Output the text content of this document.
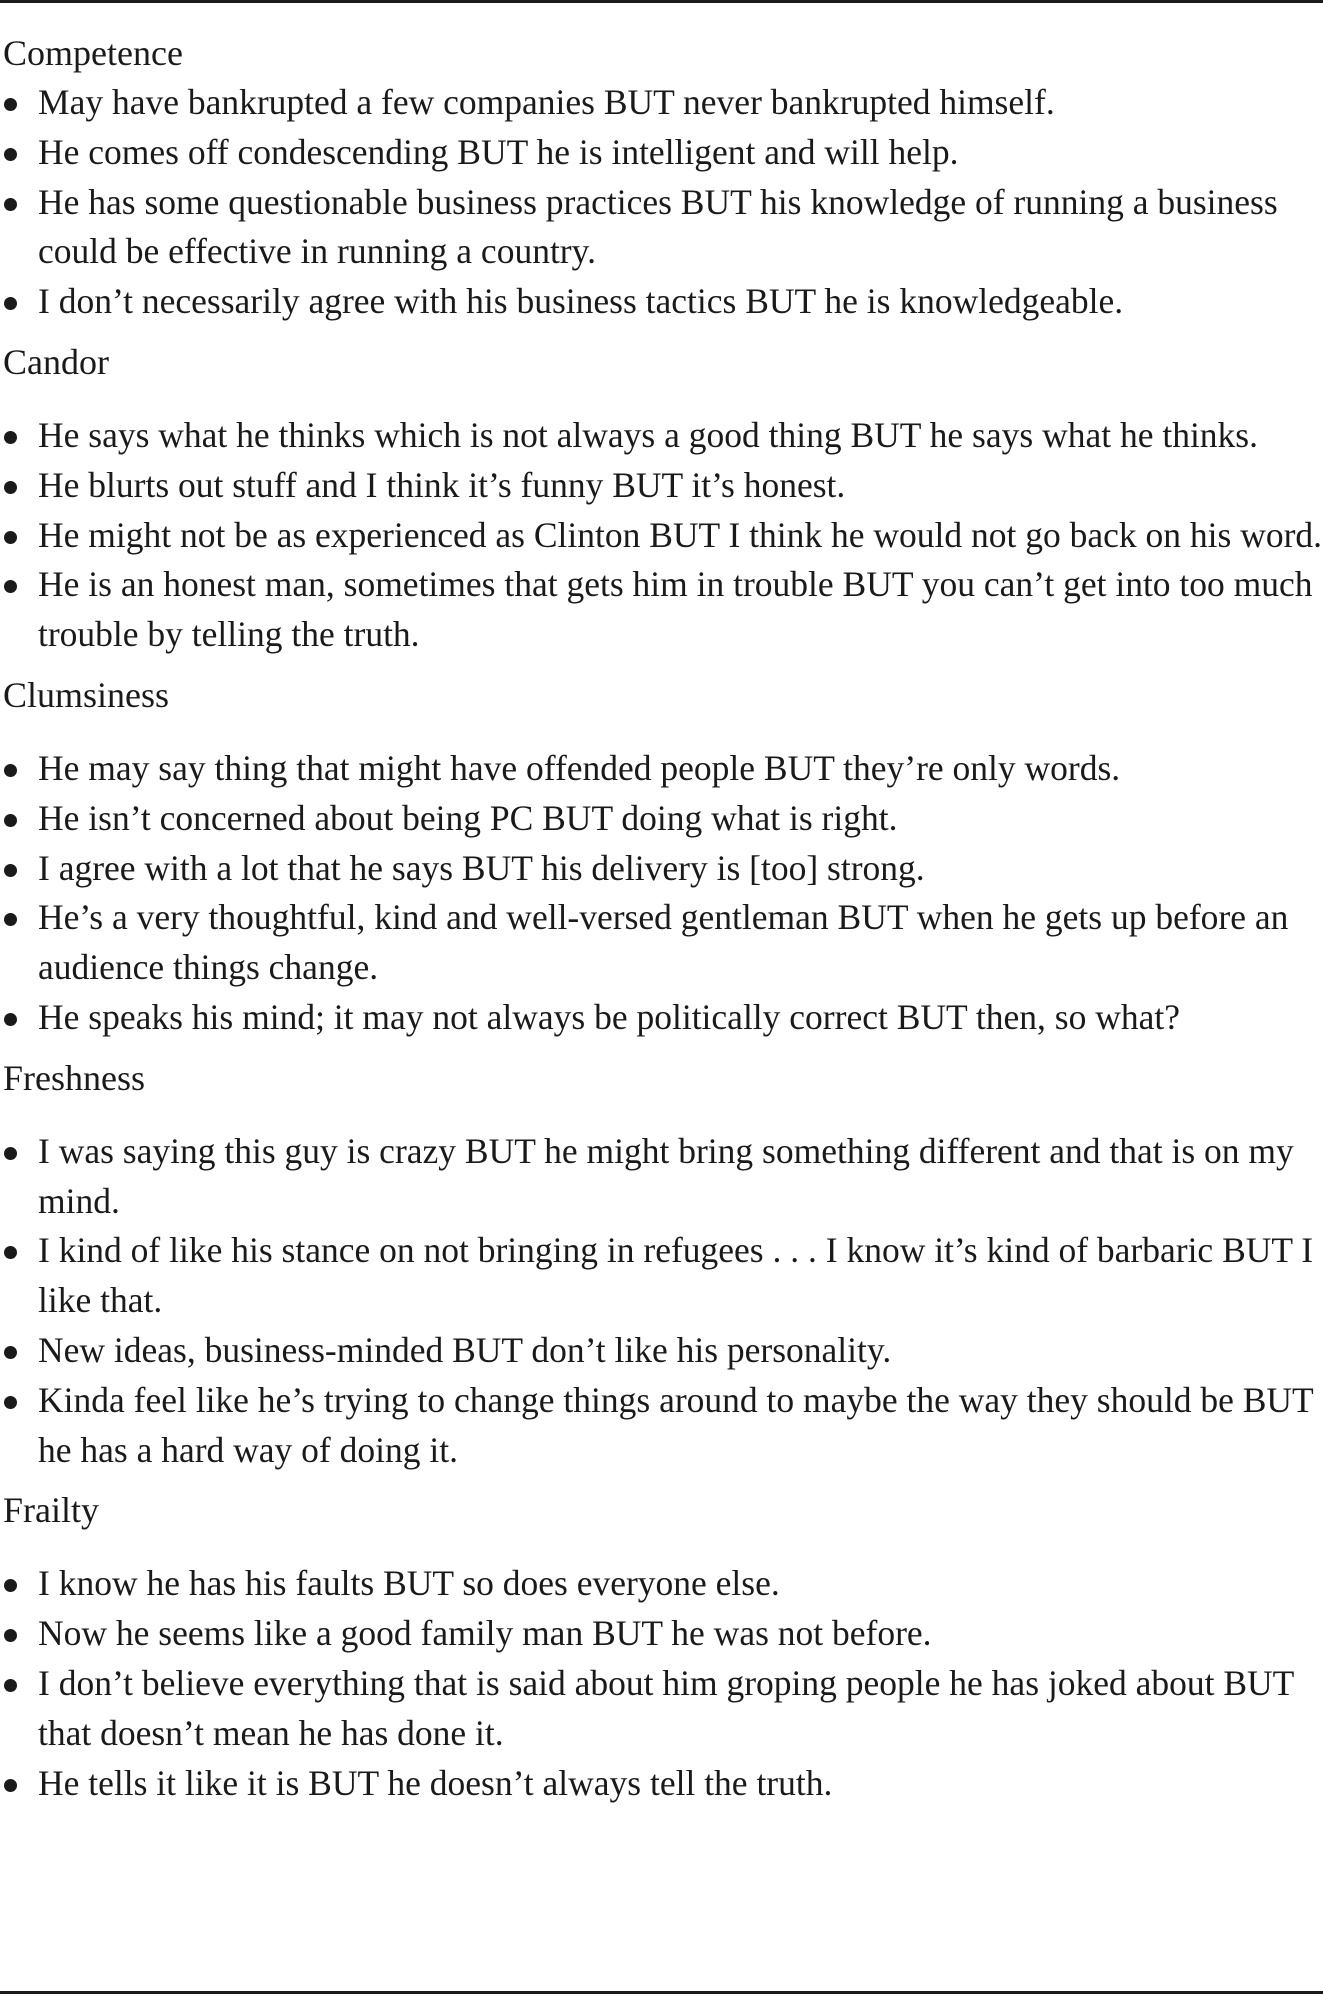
Competence
May have bankrupted a few companies BUT never bankrupted himself.
He comes off condescending BUT he is intelligent and will help.
He has some questionable business practices BUT his knowledge of running a business could be effective in running a country.
I don’t necessarily agree with his business tactics BUT he is knowledgeable.
Candor
He says what he thinks which is not always a good thing BUT he says what he thinks.
He blurts out stuff and I think it’s funny BUT it’s honest.
He might not be as experienced as Clinton BUT I think he would not go back on his word.
He is an honest man, sometimes that gets him in trouble BUT you can’t get into too much trouble by telling the truth.
Clumsiness
He may say thing that might have offended people BUT they’re only words.
He isn’t concerned about being PC BUT doing what is right.
I agree with a lot that he says BUT his delivery is [too] strong.
He’s a very thoughtful, kind and well-versed gentleman BUT when he gets up before an audience things change.
He speaks his mind; it may not always be politically correct BUT then, so what?
Freshness
I was saying this guy is crazy BUT he might bring something different and that is on my mind.
I kind of like his stance on not bringing in refugees . . . I know it’s kind of barbaric BUT I like that.
New ideas, business-minded BUT don’t like his personality.
Kinda feel like he’s trying to change things around to maybe the way they should be BUT he has a hard way of doing it.
Frailty
I know he has his faults BUT so does everyone else.
Now he seems like a good family man BUT he was not before.
I don’t believe everything that is said about him groping people he has joked about BUT that doesn’t mean he has done it.
He tells it like it is BUT he doesn’t always tell the truth.
